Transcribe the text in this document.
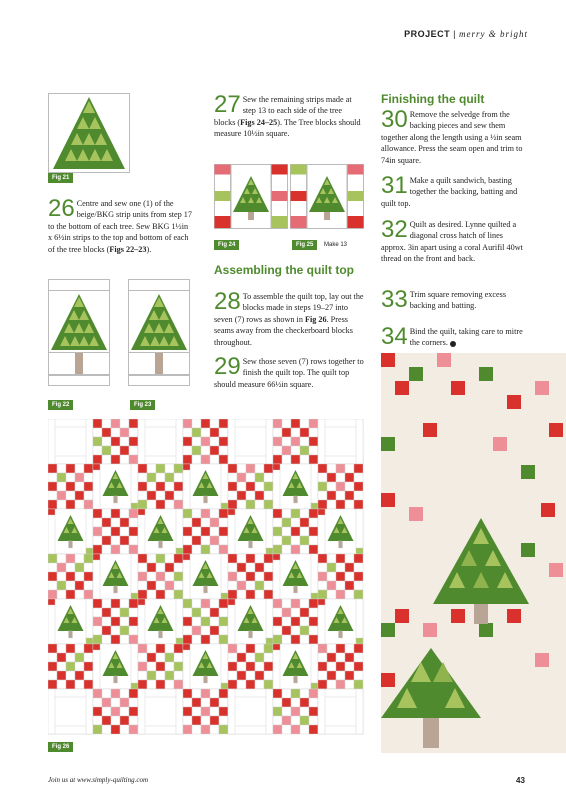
PROJECT | merry & bright
Fig 21
26 Centre and sew one (1) of the beige/BKG strip units from step 17 to the bottom of each tree. Sew BKG 1½in x 6½in strips to the top and bottom of each of the tree blocks (Figs 22–23).
Fig 22	Fig 23
27 Sew the remaining strips made at step 13 to each side of the tree blocks (Figs 24–25). The Tree blocks should measure 10½in square.
Fig 24	Fig 25	Make 13
Assembling the quilt top
28 To assemble the quilt top, lay out the blocks made in steps 19–27 into seven (7) rows as shown in Fig 26. Press seams away from the checkerboard blocks throughout.
29 Sew those seven (7) rows together to finish the quilt top. The quilt top should measure 66½in square.
Finishing the quilt
30 Remove the selvedge from the backing pieces and sew them together along the length using a ½in seam allowance. Press the seam open and trim to 74in square.
31 Make a quilt sandwich, basting together the backing, batting and quilt top.
32 Quilt as desired. Lynne quilted a diagonal cross hatch of lines approx. 3in apart using a coral Aurifil 40wt thread on the front and back.
33 Trim square removing excess backing and batting.
34 Bind the quilt, taking care to mitre the corners.
Fig 26
Join us at www.simply-quilting.com	43
PassionForum.ru
